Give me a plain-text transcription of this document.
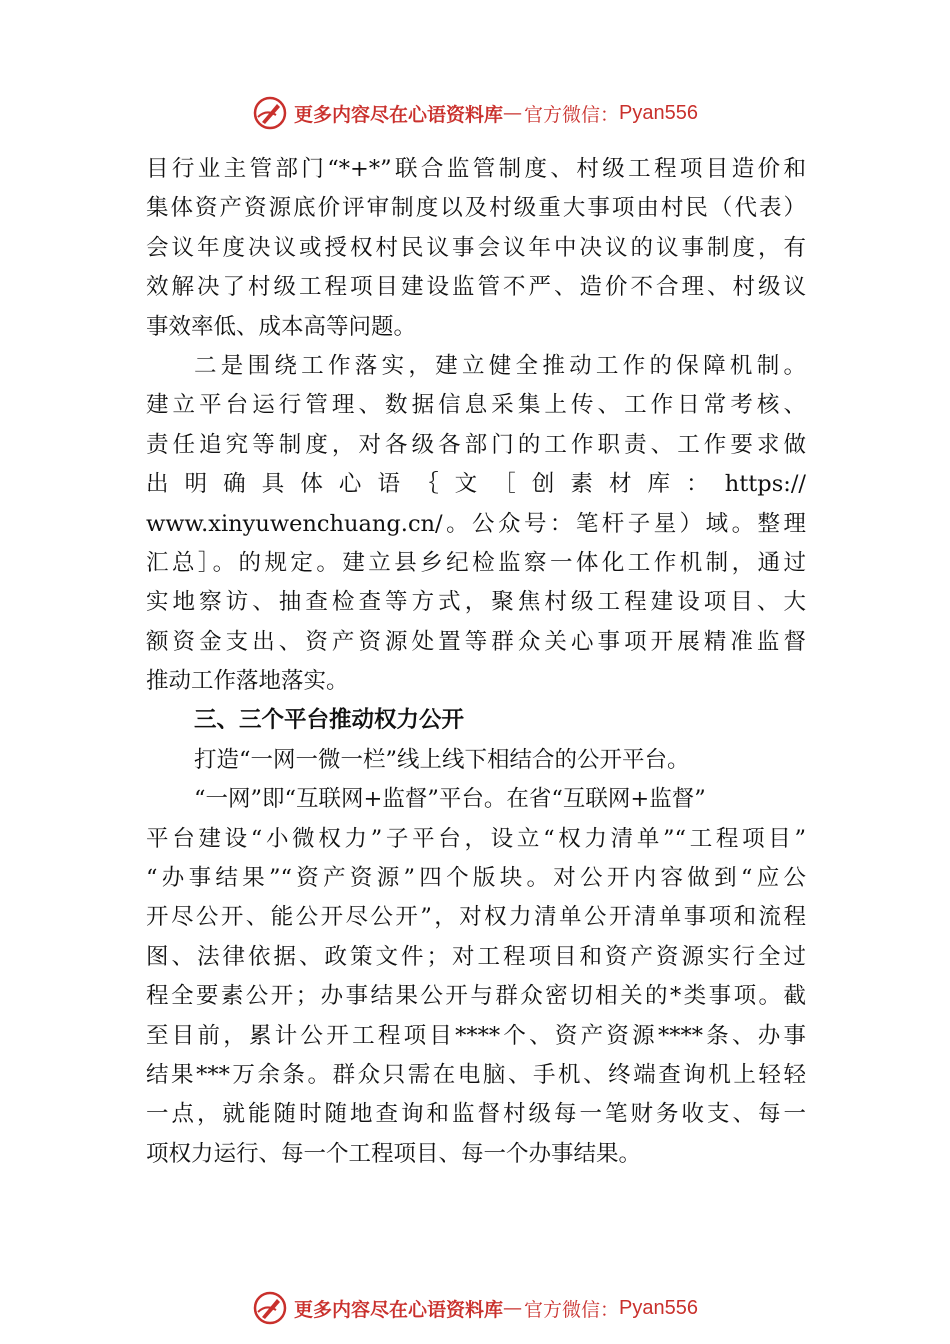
更多内容尽在心语资料库 — 官方微信： Pyan556
目行业主管部门“*+*”联合监管制度、村级工程项目造价和
集体资产资源底价评审制度以及村级重大事项由村民（代表）
会议年度决议或授权村民议事会议年中决议的议事制度，有
效解决了村级工程项目建设监管不严、造价不合理、村级议
事效率低、成本高等问题。
二是围绕工作落实，建立健全推动工作的保障机制。
建立平台运行管理、数据信息采集上传、工作日常考核、
责任追究等制度，对各级各部门的工作职责、工作要求做
出明确具体心语｛文［创素材库：https://
www.xinyuwenchuang.cn/。公众号：笔杆子星）域。整理
汇总］。的规定。建立县乡纪检监察一体化工作机制，通过
实地察访、抽查检查等方式，聚焦村级工程建设项目、大
额资金支出、资产资源处置等群众关心事项开展精准监督
推动工作落地落实。
三、三个平台推动权力公开
打造“一网一微一栏”线上线下相结合的公开平台。
“一网”即“互联网+监督”平台。在省“互联网+监督”
平台建设“小微权力”子平台，设立“权力清单”“工程项目”
“办事结果”“资产资源”四个版块。对公开内容做到“应公
开尽公开、能公开尽公开”，对权力清单公开清单事项和流程
图、法律依据、政策文件；对工程项目和资产资源实行全过
程全要素公开；办事结果公开与群众密切相关的*类事项。截
至目前，累计公开工程项目****个、资产资源****条、办事
结果***万余条。群众只需在电脑、手机、终端查询机上轻轻
一点，就能随时随地查询和监督村级每一笔财务收支、每一
项权力运行、每一个工程项目、每一个办事结果。
更多内容尽在心语资料库 — 官方微信： Pyan556
